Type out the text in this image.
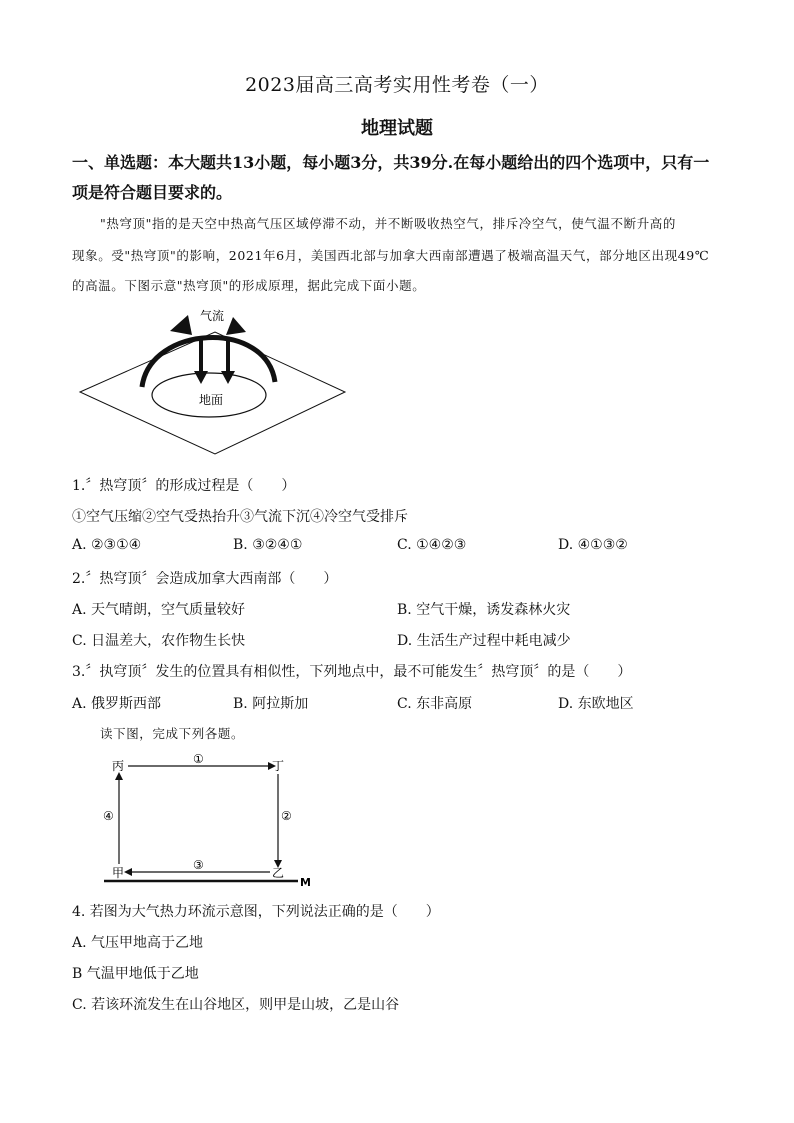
2023届高三高考实用性考卷（一）
地理试题
一、单选题：本大题共13小题，每小题3分，共39分.在每小题给出的四个选项中，只有一
项是符合题目要求的。
"热穹顶"指的是天空中热高气压区域停滞不动，并不断吸收热空气，排斥冷空气，使气温不断升高的
现象。受"热穹顶"的影响，2021年6月，美国西北部与加拿大西南部遭遇了极端高温天气，部分地区出现49℃
的高温。下图示意"热穹顶"的形成原理，据此完成下面小题。
气流
地面
1.〞热穹顶〞的形成过程是（　　）
①空气压缩②空气受热抬升③气流下沉④冷空气受排斥
A. ②③①④	B. ③②④①	C. ①④②③	D. ④①③②
2.〞热穹顶〞会造成加拿大西南部（　　）
A. 天气晴朗，空气质量较好	B. 空气干燥，诱发森林火灾
C. 日温差大，农作物生长快	D. 生活生产过程中耗电减少
3.〞执穹顶〞发生的位置具有相似性，下列地点中，最不可能发生〞热穹顶〞的是（　　）
A. 俄罗斯西部	B. 阿拉斯加	C. 东非高原	D. 东欧地区
读下图，完成下列各题。
丙	丁
甲	乙
M
①
②
③
④
4. 若图为大气热力环流示意图，下列说法正确的是（　　）
A. 气压甲地高于乙地
B 气温甲地低于乙地
C. 若该环流发生在山谷地区，则甲是山坡，乙是山谷
